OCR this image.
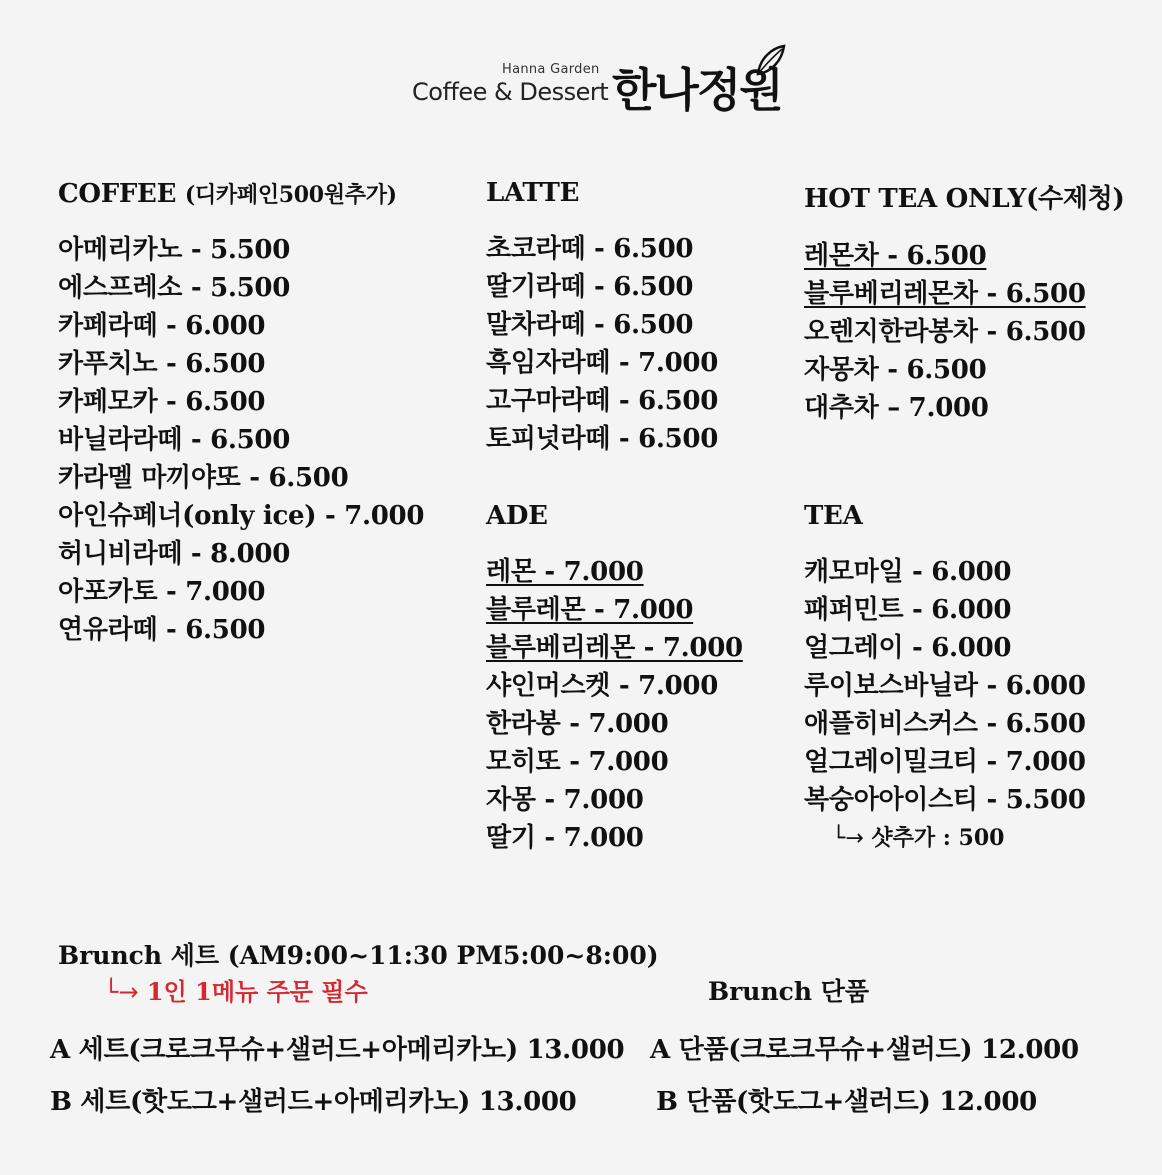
Hanna Garden
Coffee & Dessert 한나정원
COFFEE (디카페인500원추가)
아메리카노 - 5.500
에스프레소 - 5.500
카페라떼 - 6.000
카푸치노 - 6.500
카페모카 - 6.500
바닐라라떼 - 6.500
카라멜 마끼야또 - 6.500
아인슈페너(only ice) - 7.000
허니비라떼 - 8.000
아포카토 - 7.000
연유라떼 - 6.500
LATTE
초코라떼 - 6.500
딸기라떼 - 6.500
말차라떼 - 6.500
흑임자라떼 - 7.000
고구마라떼 - 6.500
토피넛라떼 - 6.500
ADE
레몬 - 7.000
블루레몬 - 7.000
블루베리레몬 - 7.000
샤인머스켓 - 7.000
한라봉 - 7.000
모히또 - 7.000
자몽 - 7.000
딸기 - 7.000
HOT TEA ONLY(수제청)
레몬차 - 6.500
블루베리레몬차 - 6.500
오렌지한라봉차 - 6.500
자몽차 - 6.500
대추차 – 7.000
TEA
캐모마일 - 6.000
패퍼민트 - 6.000
얼그레이 - 6.000
루이보스바닐라 - 6.000
애플히비스커스 - 6.500
얼그레이밀크티 - 7.000
복숭아아이스티 - 5.500
└→ 샷추가 : 500
Brunch 세트 (AM9:00~11:30 PM5:00~8:00)
└→ 1인 1메뉴 주문 필수	Brunch 단품
A 세트(크로크무슈+샐러드+아메리카노) 13.000
B 세트(핫도그+샐러드+아메리카노) 13.000
A 단품(크로크무슈+샐러드) 12.000
B 단품(핫도그+샐러드) 12.000
